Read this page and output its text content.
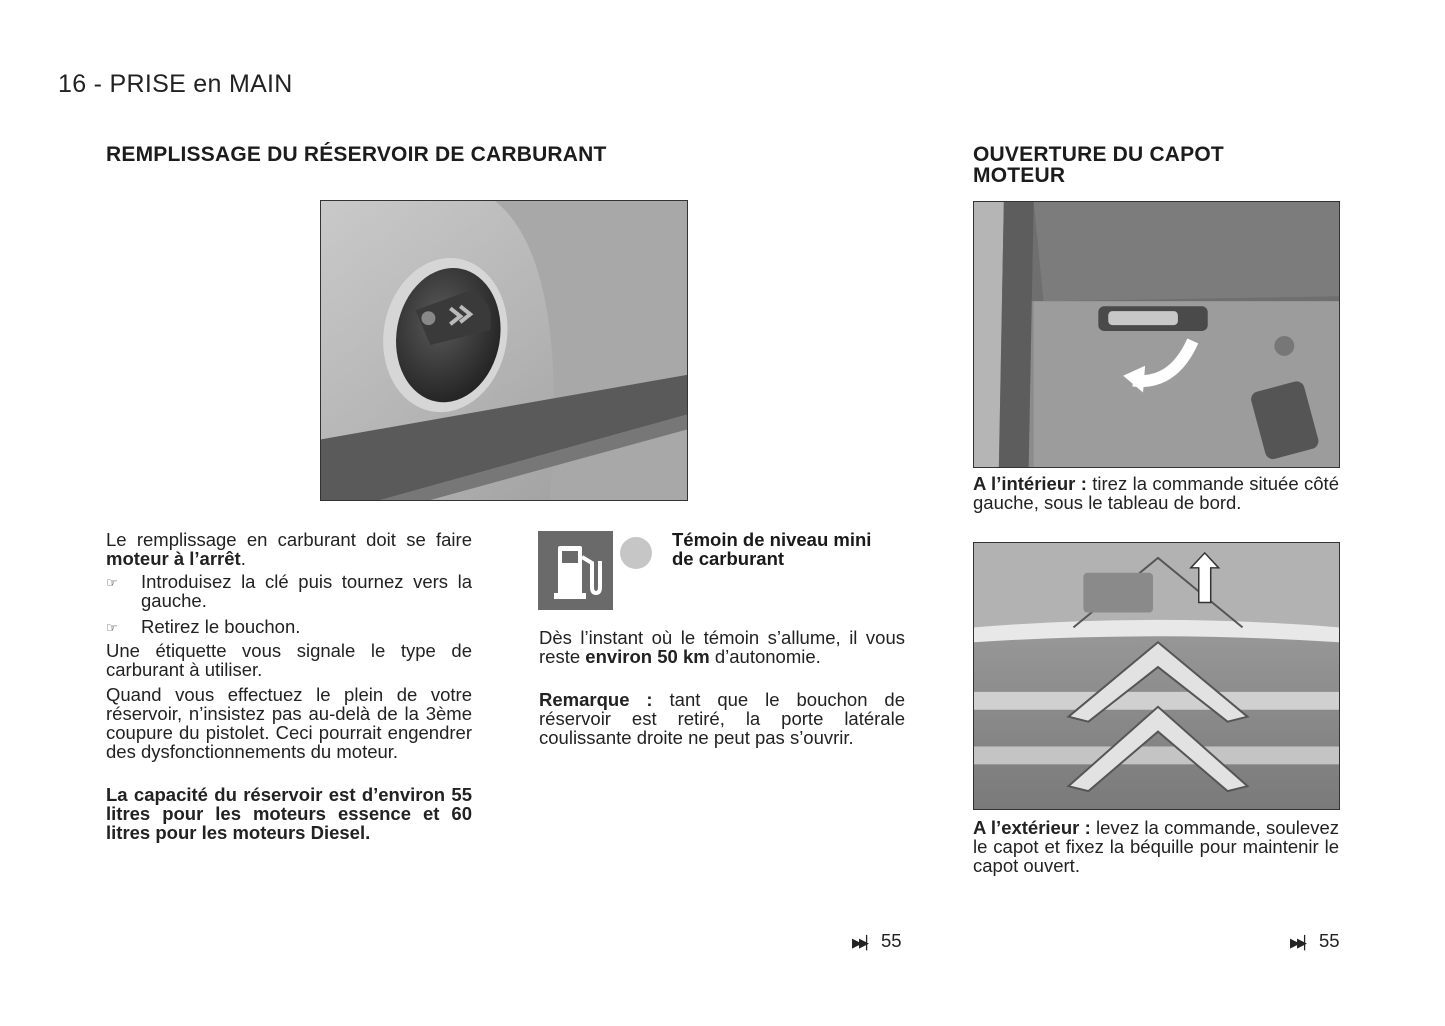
16 - PRISE en MAIN
REMPLISSAGE DU RÉSERVOIR DE CARBURANT
Le remplissage en carburant doit se faire moteur à l’arrêt.
☞	Introduisez la clé puis tournez vers la gauche.
☞	Retirez le bouchon.
Une étiquette vous signale le type de carburant à utiliser.
Quand vous effectuez le plein de votre réservoir, n’insistez pas au-delà de la 3ème coupure du pistolet. Ceci pourrait engendrer des dysfonctionnements du moteur.
La capacité du réservoir est d’environ 55 litres pour les moteurs essence et 60 litres pour les moteurs Diesel.
Témoin de niveau mini de carburant
Dès l’instant où le témoin s’allume, il vous reste environ 50 km d’autonomie.
Remarque : tant que le bouchon de réservoir est retiré, la porte latérale coulissante droite ne peut pas s’ouvrir.
OUVERTURE DU CAPOT MOTEUR
A l’intérieur : tirez la commande située côté gauche, sous le tableau de bord.
A l’extérieur : levez la commande, soulevez le capot et fixez la béquille pour maintenir le capot ouvert.
▶▶▏ 55	▶▶▏ 55
